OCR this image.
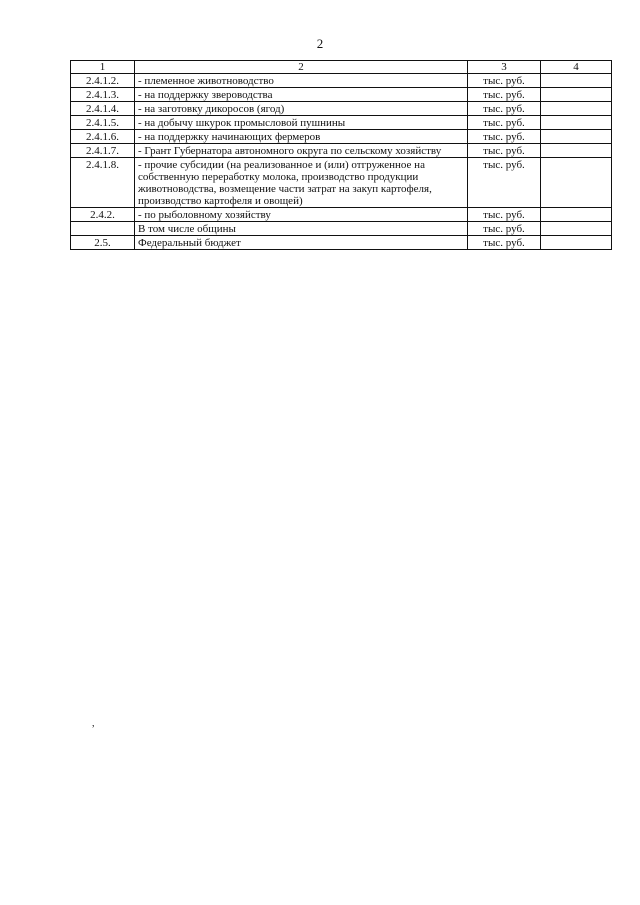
2
1	2	3	4
2.4.1.2.	- племенное животноводство	тыс. руб.	
2.4.1.3.	- на поддержку звероводства	тыс. руб.	
2.4.1.4.	- на заготовку дикоросов (ягод)	тыс. руб.	
2.4.1.5.	- на добычу шкурок промысловой пушнины	тыс. руб.	
2.4.1.6.	- на поддержку начинающих фермеров	тыс. руб.	
2.4.1.7.	- Грант Губернатора автономного округа по сельскому хозяйству	тыс. руб.	
2.4.1.8.	- прочие субсидии (на реализованное и (или) отгруженное на собственную переработку молока, производство продукции животноводства, возмещение части затрат на закуп картофеля, производство картофеля и овощей)	тыс. руб.	
2.4.2.	- по рыболовному хозяйству	тыс. руб.	
	В том числе общины	тыс. руб.	
2.5.	Федеральный бюджет	тыс. руб.	
,
